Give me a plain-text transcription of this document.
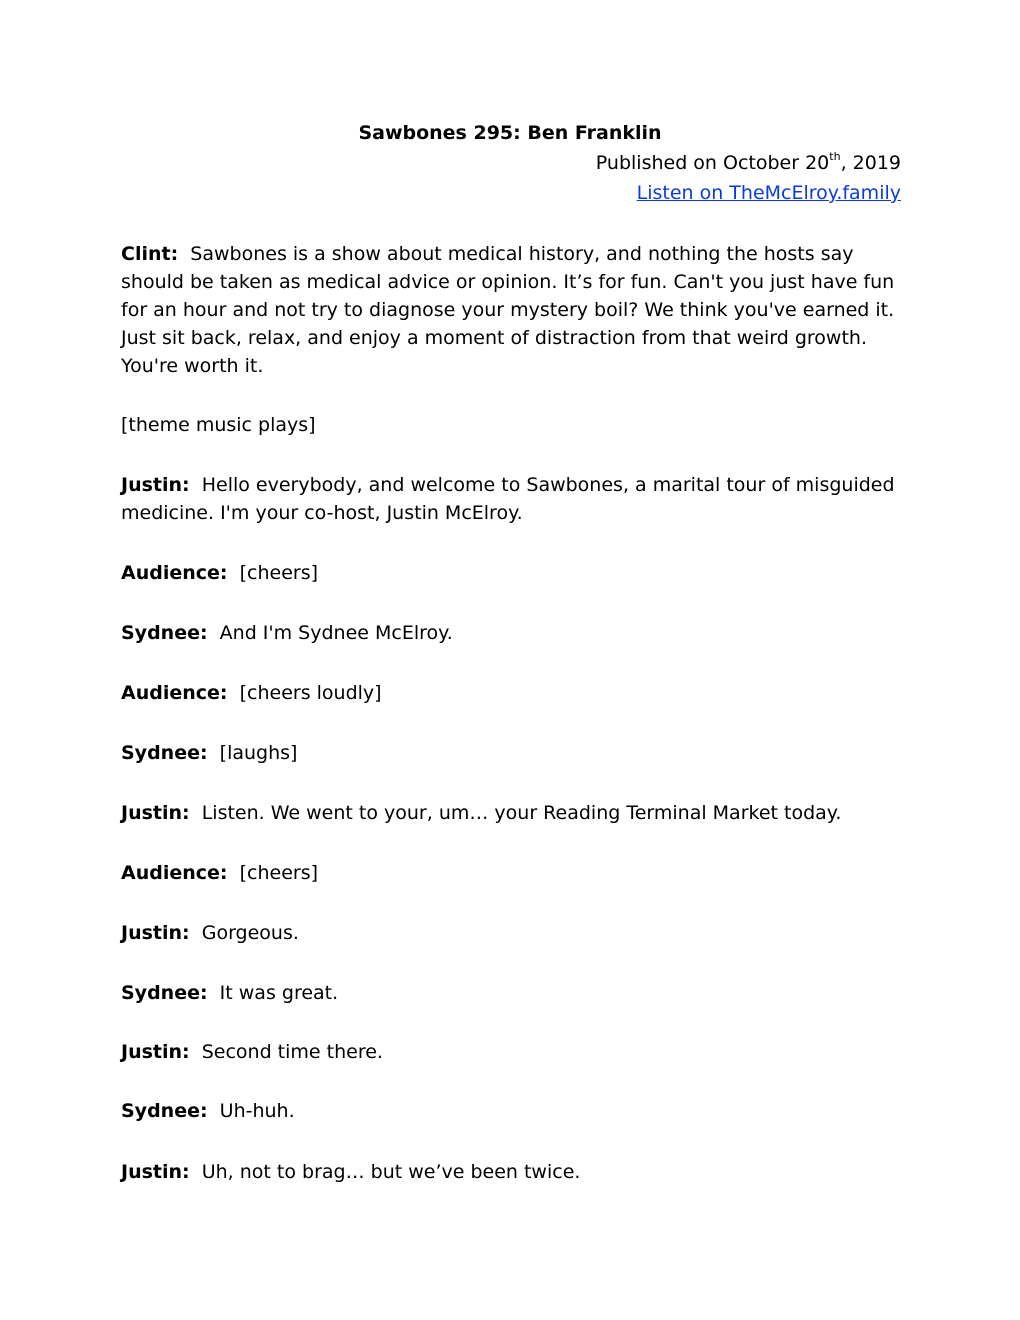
Sawbones 295: Ben Franklin
Published on October 20th, 2019
Listen on TheMcElroy.family
Clint: Sawbones is a show about medical history, and nothing the hosts say should be taken as medical advice or opinion. It’s for fun. Can't you just have fun for an hour and not try to diagnose your mystery boil? We think you've earned it. Just sit back, relax, and enjoy a moment of distraction from that weird growth. You're worth it.
[theme music plays]
Justin: Hello everybody, and welcome to Sawbones, a marital tour of misguided medicine. I'm your co-host, Justin McElroy.
Audience: [cheers]
Sydnee: And I'm Sydnee McElroy.
Audience: [cheers loudly]
Sydnee: [laughs]
Justin: Listen. We went to your, um… your Reading Terminal Market today.
Audience: [cheers]
Justin: Gorgeous.
Sydnee: It was great.
Justin: Second time there.
Sydnee: Uh-huh.
Justin: Uh, not to brag… but we’ve been twice.
